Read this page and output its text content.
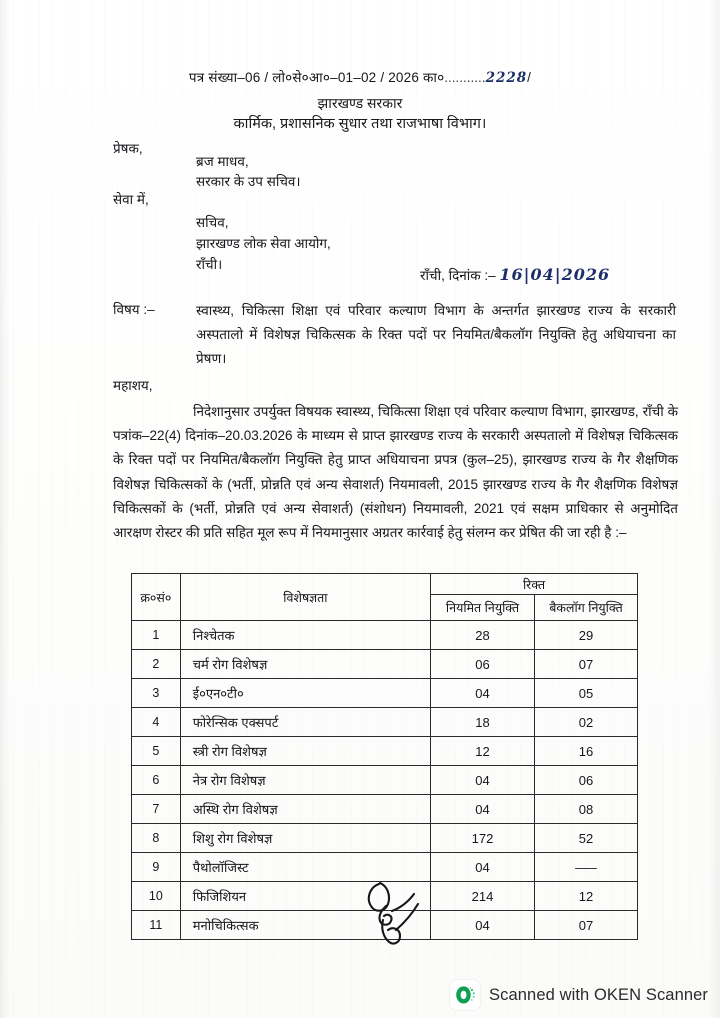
पत्र संख्या–06 / लो०से०आ०–01–02 / 2026 का०...........2228/
झारखण्ड सरकार
कार्मिक, प्रशासनिक सुधार तथा राजभाषा विभाग।
प्रेषक,
ब्रज माधव,
सरकार के उप सचिव।
सेवा में,
सचिव,
झारखण्ड लोक सेवा आयोग,
राँची।
राँची, दिनांक :– 16|04|2026
विषय :–	स्वास्थ्य, चिकित्सा शिक्षा एवं परिवार कल्याण विभाग के अन्तर्गत झारखण्ड राज्य के सरकारी अस्पतालो में विशेषज्ञ चिकित्सक के रिक्त पदों पर नियमित/बैकलॉग नियुक्ति हेतु अधियाचना का प्रेषण।
महाशय,
निदेशानुसार उपर्युक्त विषयक स्वास्थ्य, चिकित्सा शिक्षा एवं परिवार कल्याण विभाग, झारखण्ड, राँची के पत्रांक–22(4) दिनांक–20.03.2026 के माध्यम से प्राप्त झारखण्ड राज्य के सरकारी अस्पतालो में विशेषज्ञ चिकित्सक के रिक्त पदों पर नियमित/बैकलॉग नियुक्ति हेतु प्राप्त अधियाचना प्रपत्र (कुल–25), झारखण्ड राज्य के गैर शैक्षणिक विशेषज्ञ चिकित्सकों के (भर्ती, प्रोन्नति एवं अन्य सेवाशर्त) नियमावली, 2015 झारखण्ड राज्य के गैर शैक्षणिक विशेषज्ञ चिकित्सकों के (भर्ती, प्रोन्नति एवं अन्य सेवाशर्त) (संशोधन) नियमावली, 2021 एवं सक्षम प्राधिकार से अनुमोदित आरक्षण रोस्टर की प्रति सहित मूल रूप में नियमानुसार अग्रतर कार्रवाई हेतु संलग्न कर प्रेषित की जा रही है :–
क्र०सं०	विशेषज्ञता	रिक्त	
		नियमित नियुक्ति	बैकलॉग नियुक्ति
1	निश्चेतक	28	29
2	चर्म रोग विशेषज्ञ	06	07
3	ई०एन०टी०	04	05
4	फोरेन्सिक एक्सपर्ट	18	02
5	स्त्री रोग विशेषज्ञ	12	16
6	नेत्र रोग विशेषज्ञ	04	06
7	अस्थि रोग विशेषज्ञ	04	08
8	शिशु रोग विशेषज्ञ	172	52
9	पैथोलॉजिस्ट	04	–––
10	फिजिशियन	214	12
11	मनोचिकित्सक	04	07
Scanned with OKEN Scanner
